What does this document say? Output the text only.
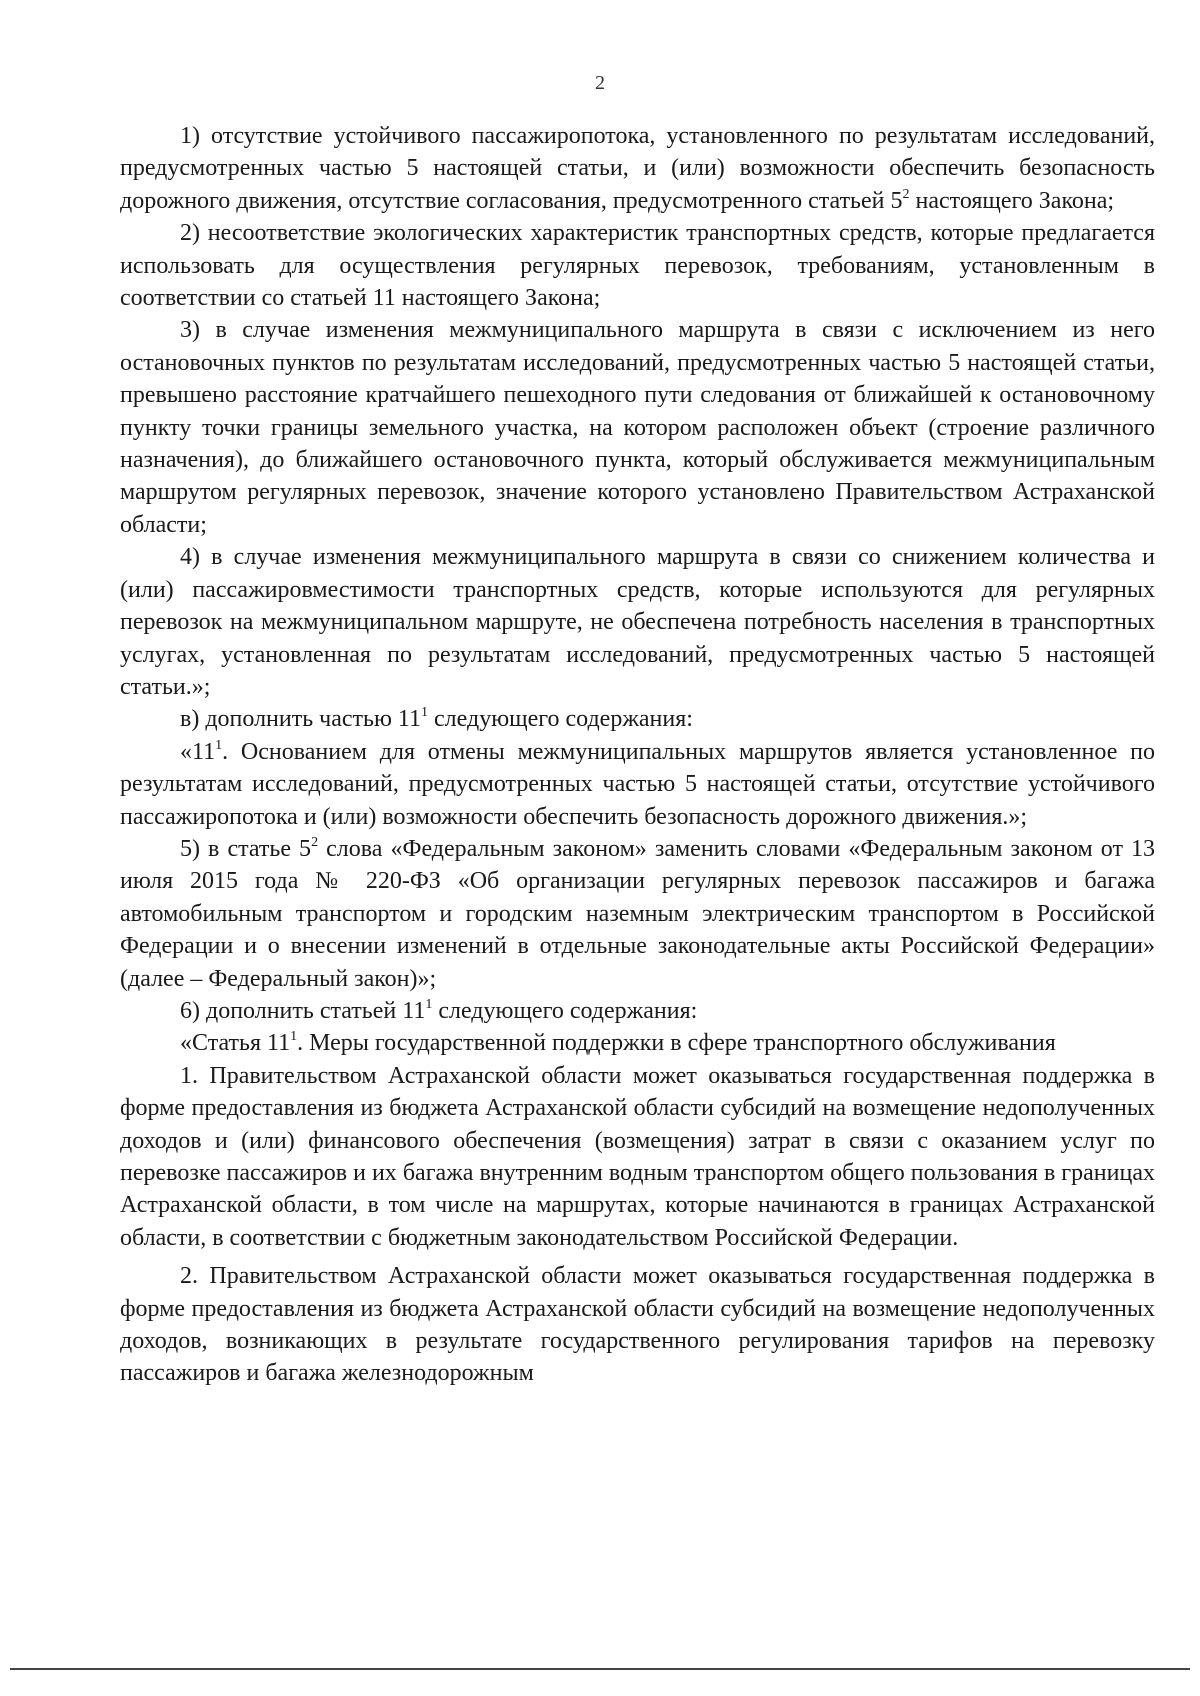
2

1) отсутствие устойчивого пассажиропотока, установленного по результатам исследований, предусмотренных частью 5 настоящей статьи, и (или) возможности обеспечить безопасность дорожного движения, отсутствие согласования, предусмотренного статьей $5^2$ настоящего Закона;

2) несоответствие экологических характеристик транспортных средств, которые предлагается использовать для осуществления регулярных перевозок, требованиям, установленным в соответствии со статьей 11 настоящего Закона;

3) в случае изменения межмуниципального маршрута в связи с исключением из него остановочных пунктов по результатам исследований, предусмотренных частью 5 настоящей статьи, превышено расстояние кратчайшего пешеходного пути следования от ближайшей к остановочному пункту точки границы земельного участка, на котором расположен объект (строение различного назначения), до ближайшего остановочного пункта, который обслуживается межмуниципальным маршрутом регулярных перевозок, значение которого установлено Правительством Астраханской области;

4) в случае изменения межмуниципального маршрута в связи со снижением количества и (или) пассажировместимости транспортных средств, которые используются для регулярных перевозок на межмуниципальном маршруте, не обеспечена потребность населения в транспортных услугах, установленная по результатам исследований, предусмотренных частью 5 настоящей статьи.»;

в) дополнить частью $11^1$ следующего содержания:

«$11^1$. Основанием для отмены межмуниципальных маршрутов является установленное по результатам исследований, предусмотренных частью 5 настоящей статьи, отсутствие устойчивого пассажиропотока и (или) возможности обеспечить безопасность дорожного движения.»;

5) в статье $5^2$ слова «Федеральным законом» заменить словами «Федеральным законом от 13 июля 2015 года № 220-ФЗ «Об организации регулярных перевозок пассажиров и багажа автомобильным транспортом и городским наземным электрическим транспортом в Российской Федерации и о внесении изменений в отдельные законодательные акты Российской Федерации» (далее – Федеральный закон)»;

6) дополнить статьей $11^1$ следующего содержания:

«Статья $11^1$. Меры государственной поддержки в сфере транспортного обслуживания

1. Правительством Астраханской области может оказываться государственная поддержка в форме предоставления из бюджета Астраханской области субсидий на возмещение недополученных доходов и (или) финансового обеспечения (возмещения) затрат в связи с оказанием услуг по перевозке пассажиров и их багажа внутренним водным транспортом общего пользования в границах Астраханской области, в том числе на маршрутах, которые начинаются в границах Астраханской области, в соответствии с бюджетным законодательством Российской Федерации.

2. Правительством Астраханской области может оказываться государственная поддержка в форме предоставления из бюджета Астраханской области субсидий на возмещение недополученных доходов, возникающих в результате государственного регулирования тарифов на перевозку пассажиров и багажа железнодорожным
